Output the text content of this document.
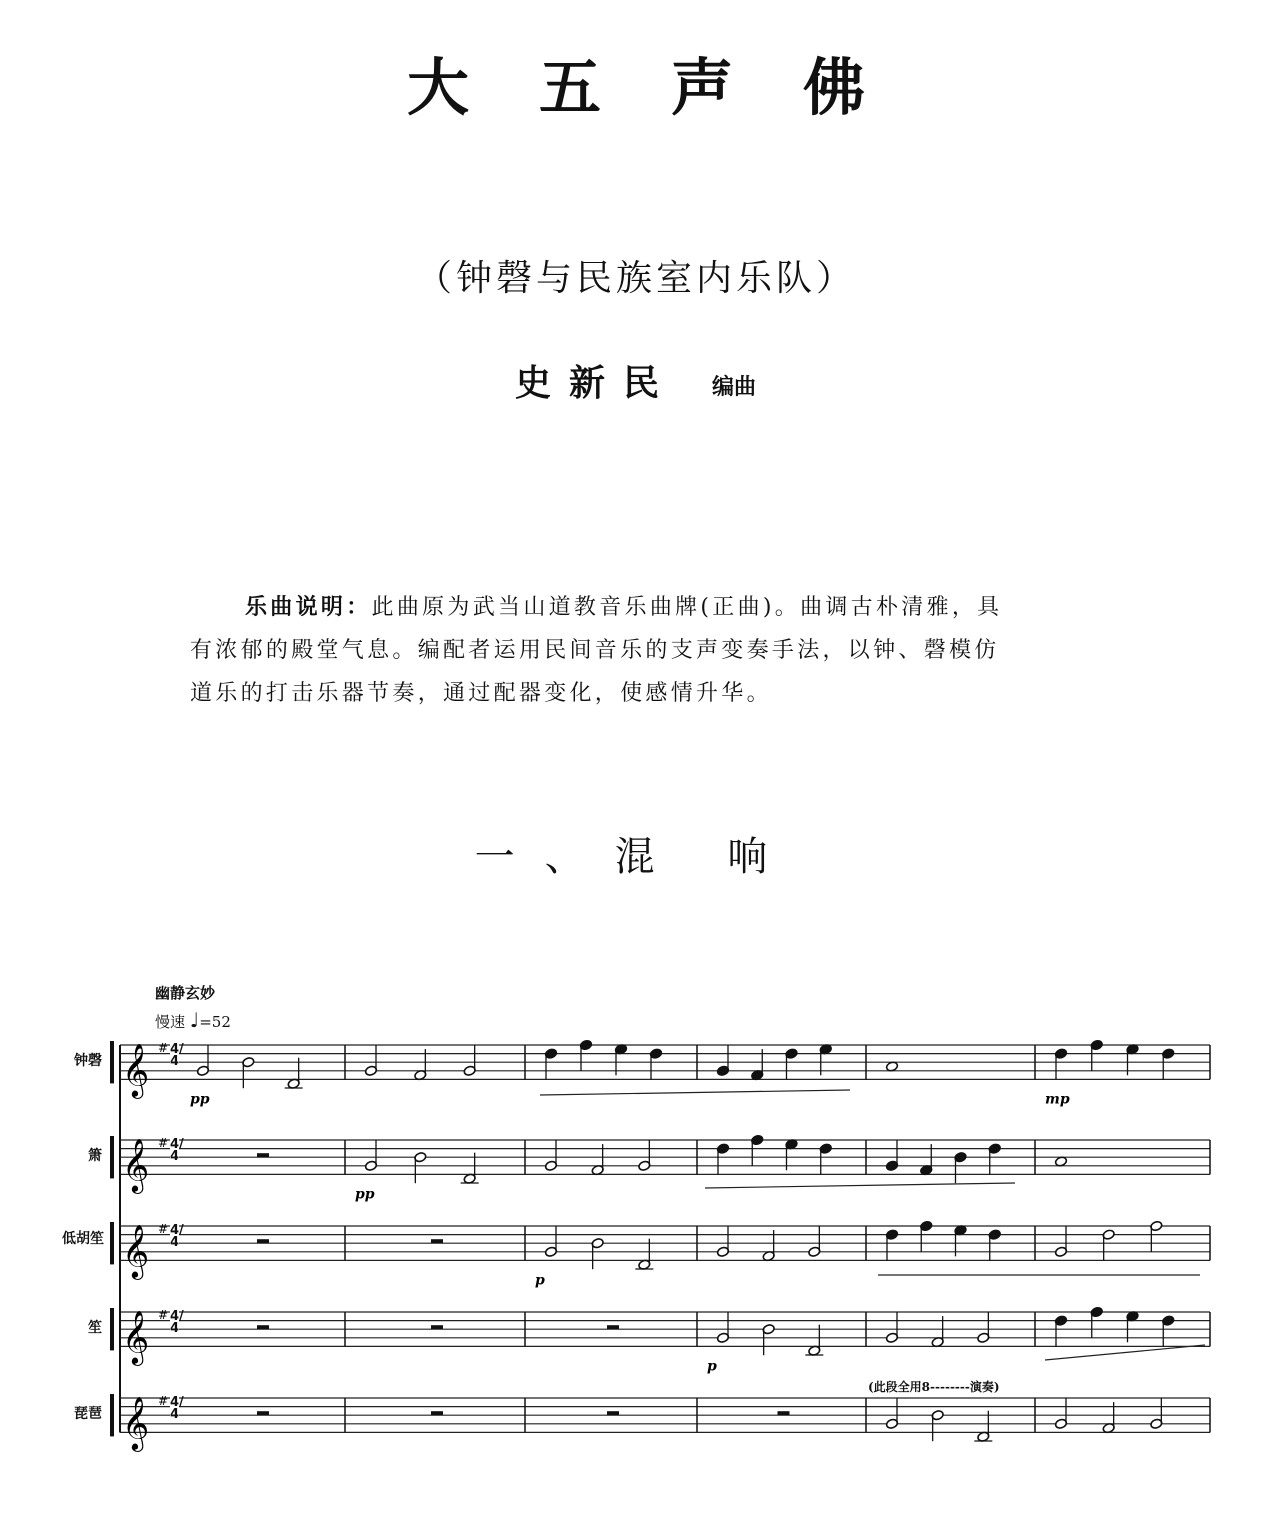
大五声佛
（钟磬与民族室内乐队）
史新民 编曲
乐曲说明：此曲原为武当山道教音乐曲牌(正曲)。曲调古朴清雅，具
有浓郁的殿堂气息。编配者运用民间音乐的支声变奏手法，以钟、磬模仿
道乐的打击乐器节奏，通过配器变化，使感情升华。
一、混 响
幽静玄妙
慢速 ♩=52
(此段全用8--------演奏)
𝄞 #
pp	mp
𝄞 #
pp
𝄞 #
p
𝄞 #
p
𝄞 #
钟磬
箫
低胡笙
笙
琵琶
4/4
4/4
4/4
4/4
4/4
